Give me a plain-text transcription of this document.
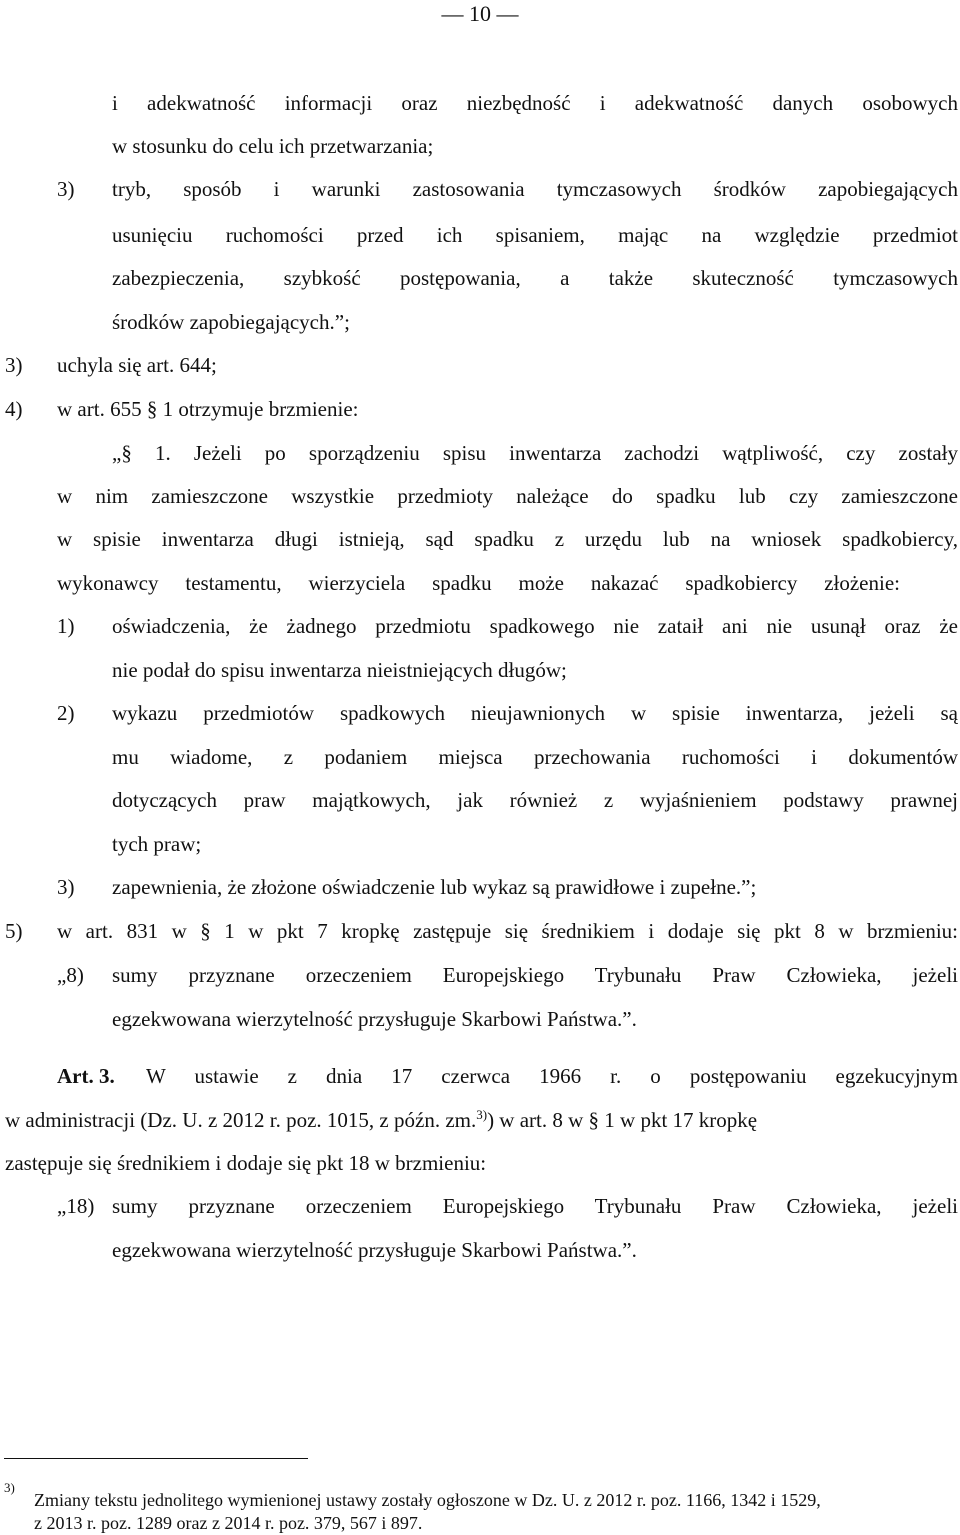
— 10 —
i adekwatność informacji oraz niezbędność i adekwatność danych osobowych
w stosunku do celu ich przetwarzania;
3) tryb, sposób i warunki zastosowania tymczasowych środków zapobiegających
usunięciu ruchomości przed ich spisaniem, mając na względzie przedmiot
zabezpieczenia, szybkość postępowania, a także skuteczność tymczasowych
środków zapobiegających.”;
3) uchyla się art. 644;
4) w art. 655 § 1 otrzymuje brzmienie:
„§ 1. Jeżeli po sporządzeniu spisu inwentarza zachodzi wątpliwość, czy zostały
w nim zamieszczone wszystkie przedmioty należące do spadku lub czy zamieszczone
w spisie inwentarza długi istnieją, sąd spadku z urzędu lub na wniosek spadkobiercy,
wykonawcy testamentu, wierzyciela spadku może nakazać spadkobiercy złożenie:
1) oświadczenia, że żadnego przedmiotu spadkowego nie zataił ani nie usunął oraz że
nie podał do spisu inwentarza nieistniejących długów;
2) wykazu przedmiotów spadkowych nieujawnionych w spisie inwentarza, jeżeli są
mu wiadome, z podaniem miejsca przechowania ruchomości i dokumentów
dotyczących praw majątkowych, jak również z wyjaśnieniem podstawy prawnej
tych praw;
3) zapewnienia, że złożone oświadczenie lub wykaz są prawidłowe i zupełne.”;
5) w art. 831 w § 1 w pkt 7 kropkę zastępuje się średnikiem i dodaje się pkt 8 w brzmieniu:
„8) sumy przyznane orzeczeniem Europejskiego Trybunału Praw Człowieka, jeżeli
egzekwowana wierzytelność przysługuje Skarbowi Państwa.”.
Art. 3. W ustawie z dnia 17 czerwca 1966 r. o postępowaniu egzekucyjnym
w administracji (Dz. U. z 2012 r. poz. 1015, z późn. zm.$^{3)}$) w art. 8 w § 1 w pkt 17 kropkę
zastępuje się średnikiem i dodaje się pkt 18 w brzmieniu:
„18) sumy przyznane orzeczeniem Europejskiego Trybunału Praw Człowieka, jeżeli
egzekwowana wierzytelność przysługuje Skarbowi Państwa.”.
3)
Zmiany tekstu jednolitego wymienionej ustawy zostały ogłoszone w Dz. U. z 2012 r. poz. 1166, 1342 i 1529,
z 2013 r. poz. 1289 oraz z 2014 r. poz. 379, 567 i 897.
